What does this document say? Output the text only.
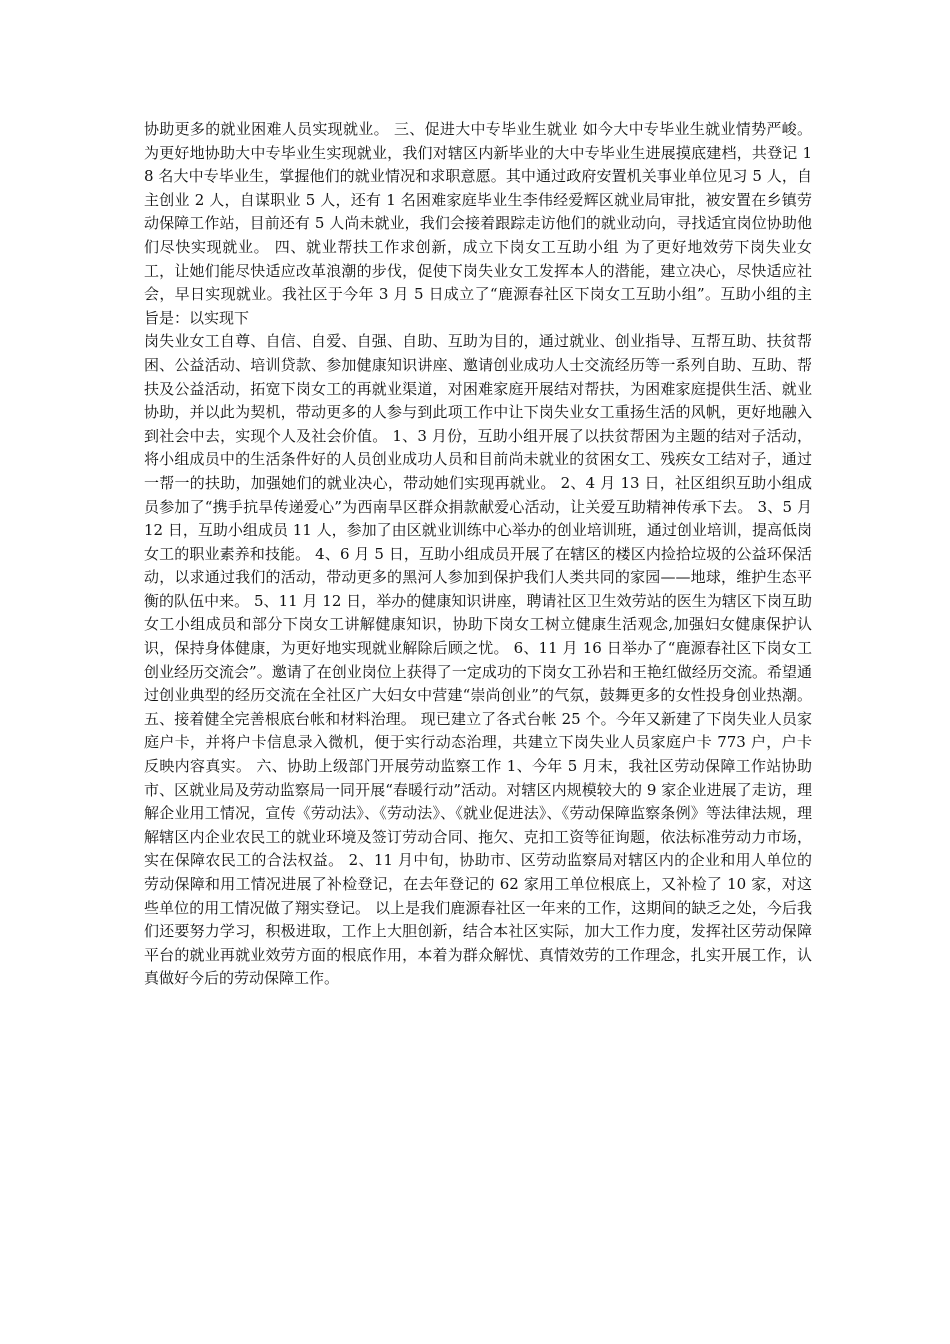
协助更多的就业困难人员实现就业。 三、促进大中专毕业生就业 如今大中专毕业生就业情势严峻。为更好地协助大中专毕业生实现就业，我们对辖区内新毕业的大中专毕业生进展摸底建档，共登记 18 名大中专毕业生，掌握他们的就业情况和求职意愿。其中通过政府安置机关事业单位见习 5 人，自主创业 2 人，自谋职业 5 人，还有 1 名困难家庭毕业生李伟经爱辉区就业局审批，被安置在乡镇劳动保障工作站，目前还有 5 人尚未就业，我们会接着跟踪走访他们的就业动向，寻找适宜岗位协助他们尽快实现就业。 四、就业帮扶工作求创新，成立下岗女工互助小组 为了更好地效劳下岗失业女工，让她们能尽快适应改革浪潮的步伐，促使下岗失业女工发挥本人的潜能，建立决心，尽快适应社会，早日实现就业。我社区于今年 3 月 5 日成立了“鹿源春社区下岗女工互助小组”。互助小组的主旨是：以实现下

岗失业女工自尊、自信、自爱、自强、自助、互助为目的，通过就业、创业指导、互帮互助、扶贫帮困、公益活动、培训贷款、参加健康知识讲座、邀请创业成功人士交流经历等一系列自助、互助、帮扶及公益活动，拓宽下岗女工的再就业渠道，对困难家庭开展结对帮扶，为困难家庭提供生活、就业协助，并以此为契机，带动更多的人参与到此项工作中让下岗失业女工重扬生活的风帆，更好地融入到社会中去，实现个人及社会价值。 1、3 月份，互助小组开展了以扶贫帮困为主题的结对子活动，将小组成员中的生活条件好的人员创业成功人员和目前尚未就业的贫困女工、残疾女工结对子，通过一帮一的扶助，加强她们的就业决心，带动她们实现再就业。 2、4 月 13 日，社区组织互助小组成员参加了“携手抗旱传递爱心”为西南旱区群众捐款献爱心活动，让关爱互助精神传承下去。 3、5 月 12 日，互助小组成员 11 人，参加了由区就业训练中心举办的创业培训班，通过创业培训，提高低岗女工的职业素养和技能。 4、6 月 5 日，互助小组成员开展了在辖区的楼区内捡拾垃圾的公益环保活动，以求通过我们的活动，带动更多的黑河人参加到保护我们人类共同的家园——地球，维护生态平衡的队伍中来。 5、11 月 12 日，举办的健康知识讲座，聘请社区卫生效劳站的医生为辖区下岗互助女工小组成员和部分下岗女工讲解健康知识，协助下岗女工树立健康生活观念,加强妇女健康保护认识，保持身体健康，为更好地实现就业解除后顾之忧。 6、11 月 16 日举办了“鹿源春社区下岗女工创业经历交流会”。邀请了在创业岗位上获得了一定成功的下岗女工孙岩和王艳红做经历交流。希望通过创业典型的经历交流在全社区广大妇女中营建“崇尚创业”的气氛，鼓舞更多的女性投身创业热潮。 五、接着健全完善根底台帐和材料治理。 现已建立了各式台帐 25 个。今年又新建了下岗失业人员家庭户卡，并将户卡信息录入微机，便于实行动态治理，共建立下岗失业人员家庭户卡 773 户，户卡反映内容真实。 六、协助上级部门开展劳动监察工作 1、今年 5 月末，我社区劳动保障工作站协助市、区就业局及劳动监察局一同开展“春暖行动”活动。对辖区内规模较大的 9 家企业进展了走访，理解企业用工情况，宣传《劳动法》、《劳动法》、《就业促进法》、《劳动保障监察条例》等法律法规，理解辖区内企业农民工的就业环境及签订劳动合同、拖欠、克扣工资等征询题，依法标准劳动力市场，实在保障农民工的合法权益。 2、11 月中旬，协助市、区劳动监察局对辖区内的企业和用人单位的劳动保障和用工情况进展了补检登记，在去年登记的 62 家用工单位根底上，又补检了 10 家，对这些单位的用工情况做了翔实登记。 以上是我们鹿源春社区一年来的工作，这期间的缺乏之处，今后我们还要努力学习，积极进取，工作上大胆创新，结合本社区实际，加大工作力度，发挥社区劳动保障平台的就业再就业效劳方面的根底作用，本着为群众解忧、真情效劳的工作理念，扎实开展工作，认真做好今后的劳动保障工作。
